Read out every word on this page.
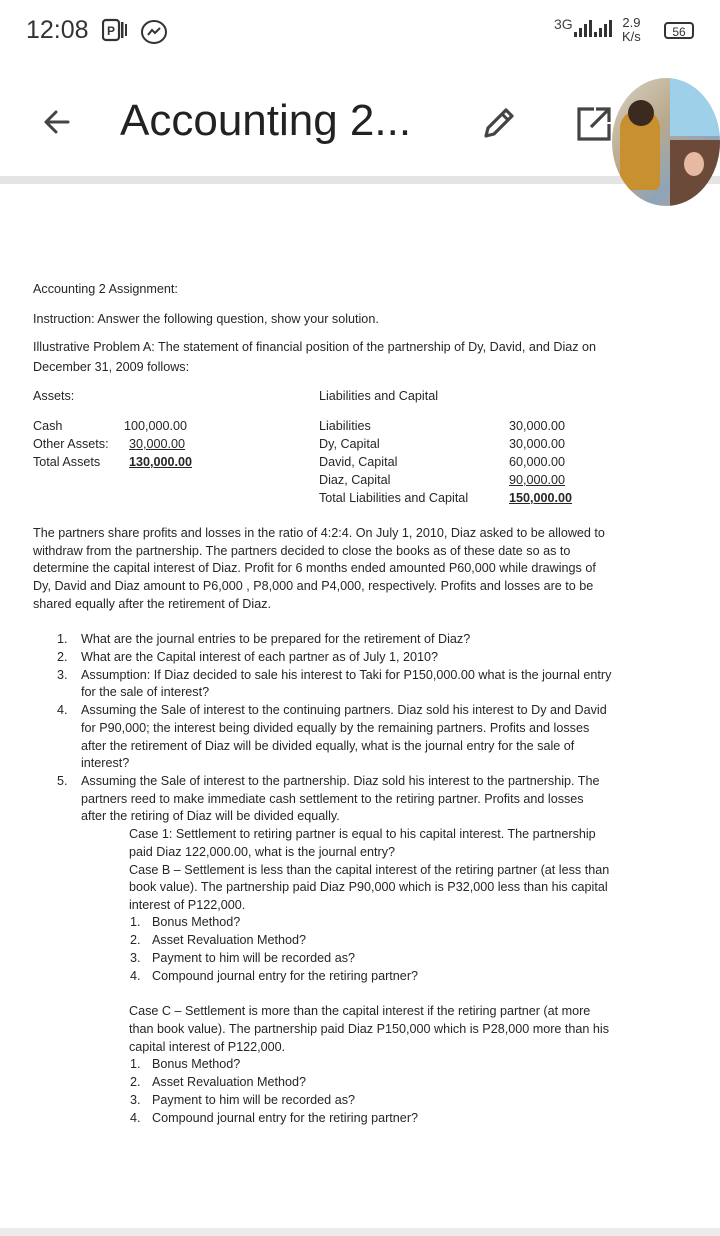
12:08 P	3G	2.9
K/s	56
Accounting 2...

Accounting 2 Assignment:

Instruction: Answer the following question, show your solution.

Illustrative Problem A: The statement of financial position of the partnership of Dy, David, and Diaz on

December 31, 2009 follows:

Assets:	Liabilities and Capital
Cash	100,000.00
Other Assets: 30,000.00
Total Assets 130,000.00
Liabilities	30,000.00
Dy, Capital	30,000.00
David, Capital	60,000.00
Diaz, Capital	90,000.00
Total Liabilities and Capital	150,000.00
The partners share profits and losses in the ratio of 4:2:4. On July 1, 2010, Diaz asked to be allowed to
withdraw from the partnership. The partners decided to close the books as of these date so as to
determine the capital interest of Diaz. Profit for 6 months ended amounted P60,000 while drawings of
Dy, David and Diaz amount to P6,000 , P8,000 and P4,000, respectively. Profits and losses are to be
shared equally after the retirement of Diaz.
1. What are the journal entries to be prepared for the retirement of Diaz?
2. What are the Capital interest of each partner as of July 1, 2010?
3. Assumption: If Diaz decided to sale his interest to Taki for P150,000.00 what is the journal entry
for the sale of interest?
4. Assuming the Sale of interest to the continuing partners. Diaz sold his interest to Dy and David
for P90,000; the interest being divided equally by the remaining partners. Profits and losses
after the retirement of Diaz will be divided equally, what is the journal entry for the sale of
interest?
5. Assuming the Sale of interest to the partnership. Diaz sold his interest to the partnership. The
partners reed to make immediate cash settlement to the retiring partner. Profits and losses
after the retiring of Diaz will be divided equally.
Case 1: Settlement to retiring partner is equal to his capital interest. The partnership
paid Diaz 122,000.00, what is the journal entry?
Case B – Settlement is less than the capital interest of the retiring partner (at less than
book value). The partnership paid Diaz P90,000 which is P32,000 less than his capital
interest of P122,000.
1. Bonus Method?
2. Asset Revaluation Method?
3. Payment to him will be recorded as?
4. Compound journal entry for the retiring partner?
Case C – Settlement is more than the capital interest if the retiring partner (at more
than book value). The partnership paid Diaz P150,000 which is P28,000 more than his
capital interest of P122,000.
1. Bonus Method?
2. Asset Revaluation Method?
3. Payment to him will be recorded as?
4. Compound journal entry for the retiring partner?
